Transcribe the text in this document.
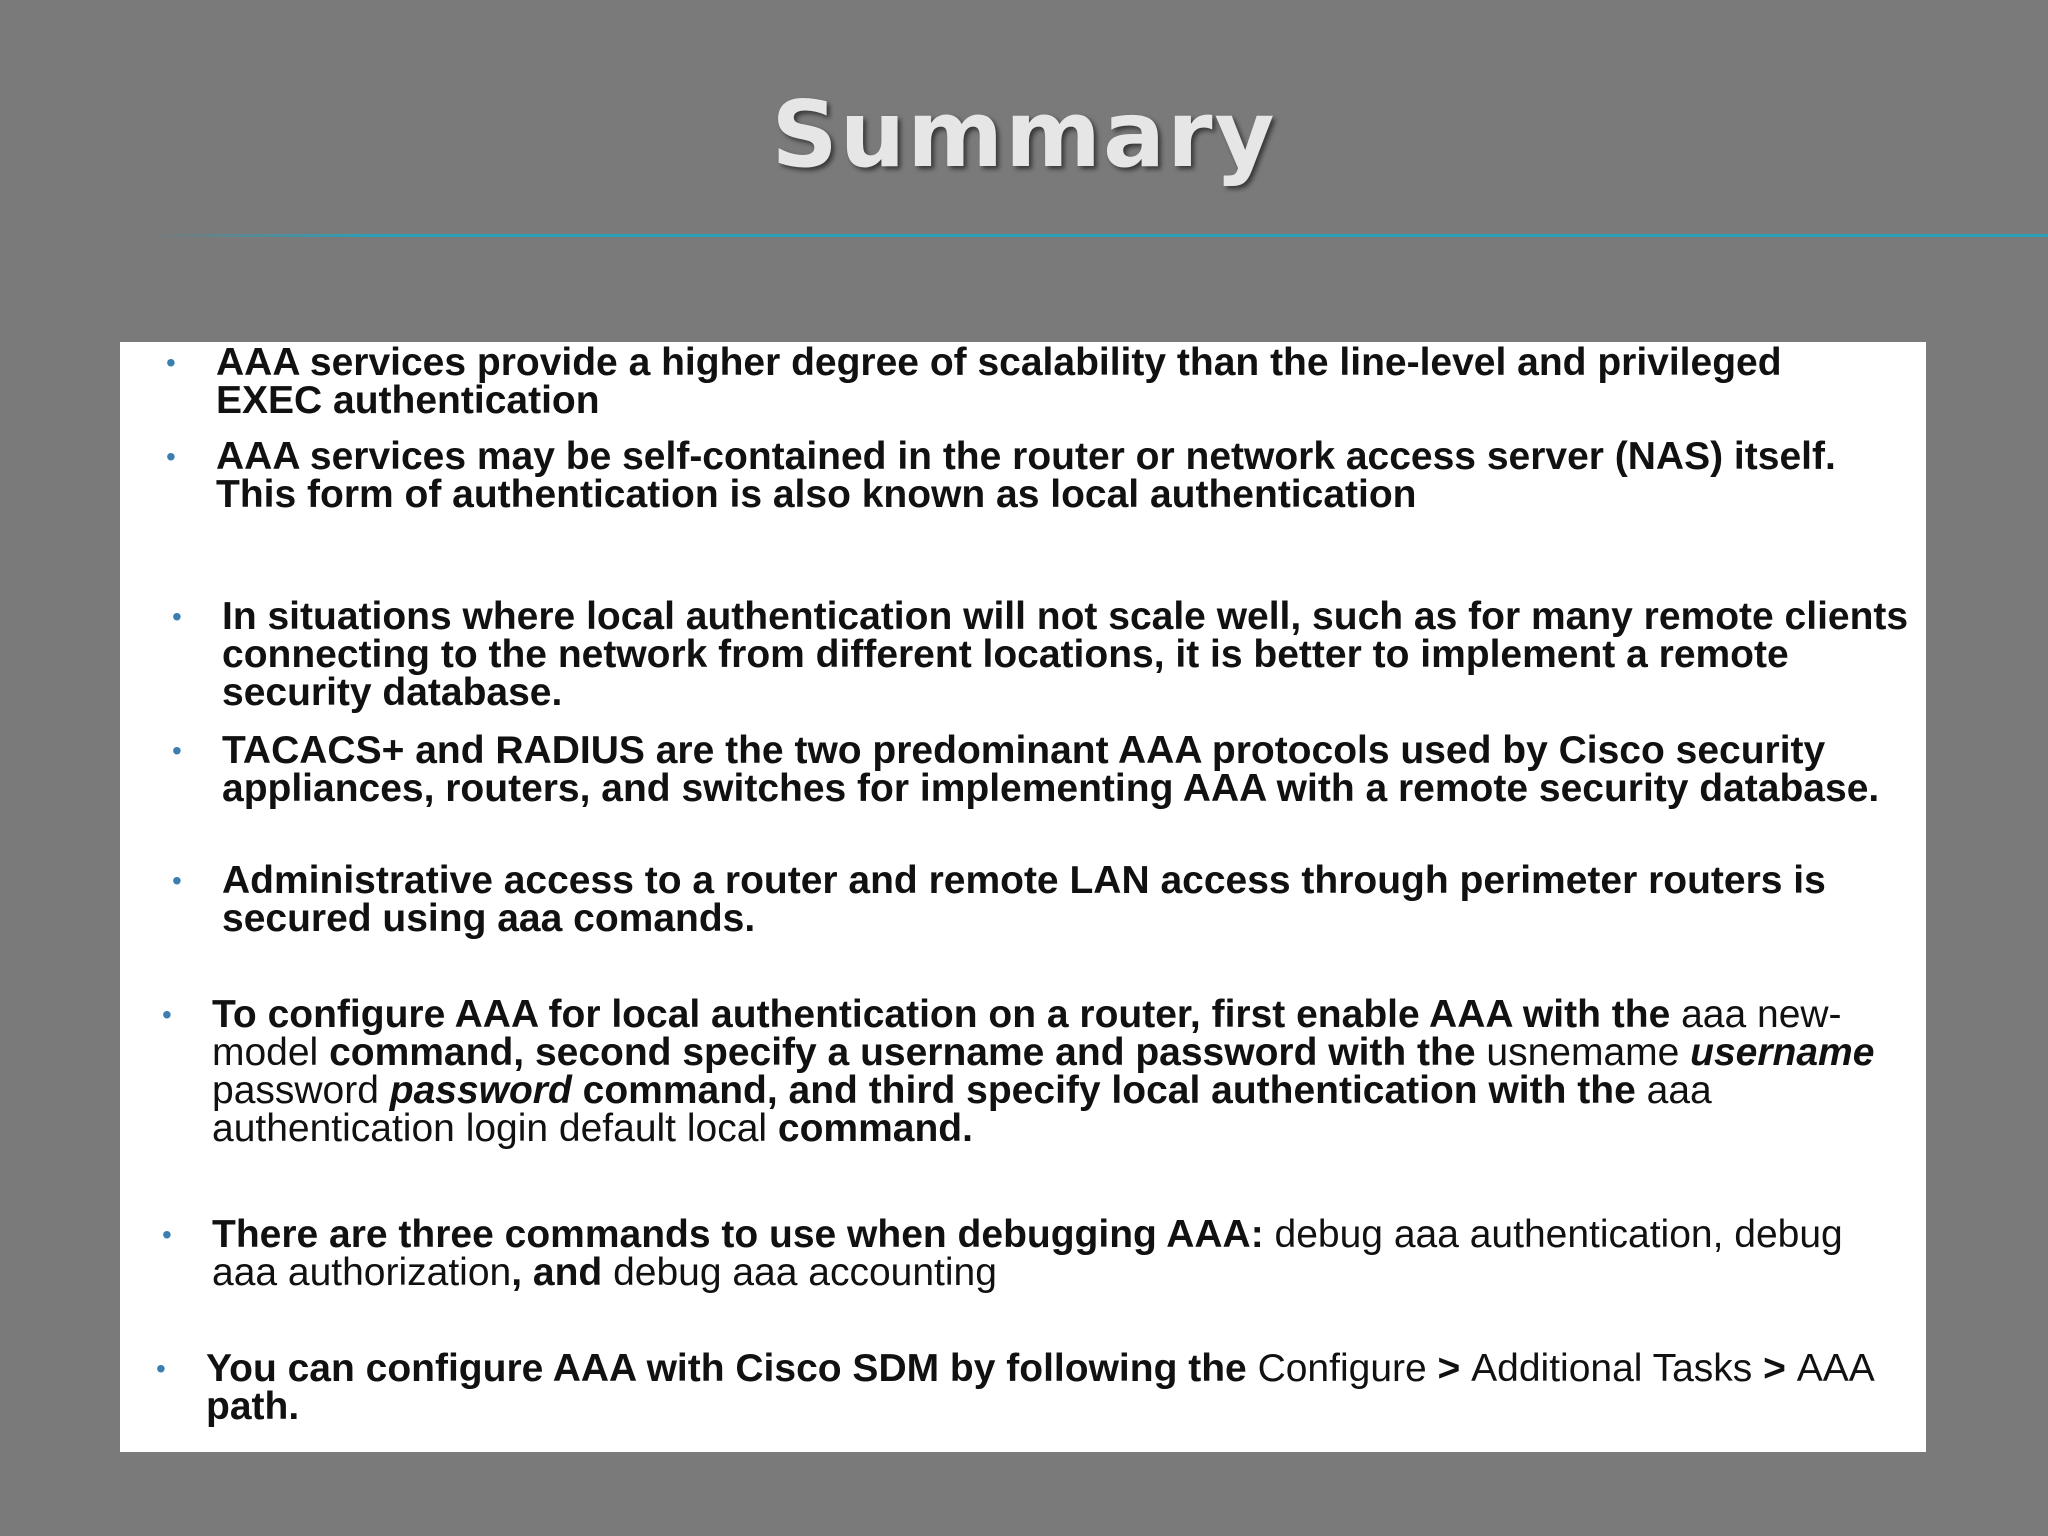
Summary
• AAA services provide a higher degree of scalability than the line-level and privileged EXEC authentication
• AAA services may be self-contained in the router or network access server (NAS) itself. This form of authentication is also known as local authentication
• In situations where local authentication will not scale well, such as for many remote clients connecting to the network from different locations, it is better to implement a remote security database.
• TACACS+ and RADIUS are the two predominant AAA protocols used by Cisco security appliances, routers, and switches for implementing AAA with a remote security database.
• Administrative access to a router and remote LAN access through perimeter routers is secured using aaa comands.
• To configure AAA for local authentication on a router, first enable AAA with the aaa new-model command, second specify a username and password with the usnemame username password password command, and third specify local authentication with the aaa authentication login default local command.
• There are three commands to use when debugging AAA: debug aaa authentication, debug aaa authorization, and debug aaa accounting
• You can configure AAA with Cisco SDM by following the Configure > Additional Tasks > AAA path.
